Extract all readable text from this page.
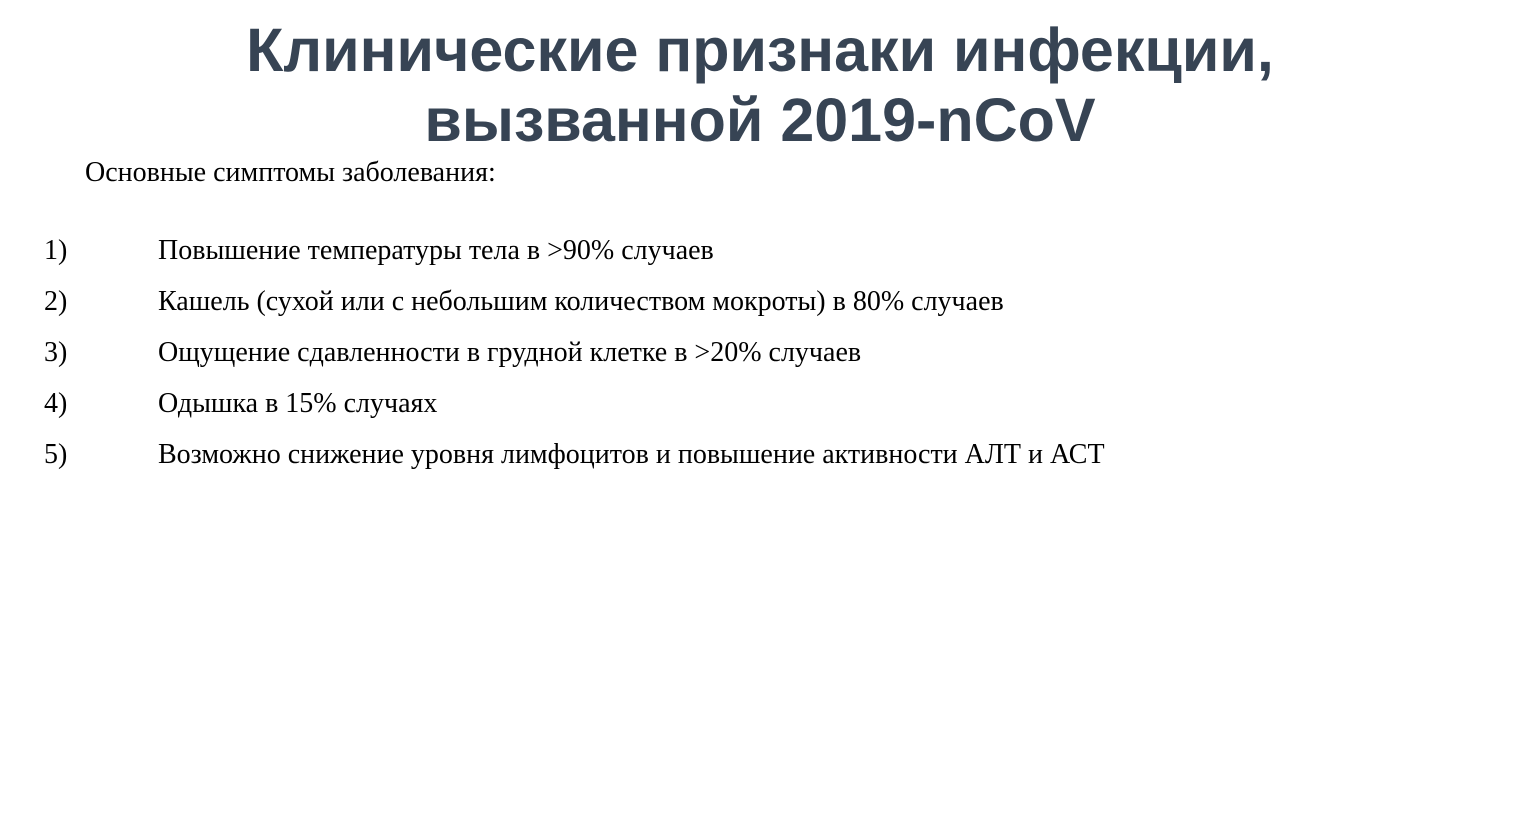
Клинические признаки инфекции,
вызванной 2019-nCoV

Основные симптомы заболевания:

1)	Повышение температуры тела в >90% случаев
2)	Кашель (сухой или с небольшим количеством мокроты) в 80% случаев
3)	Ощущение сдавленности в грудной клетке в >20% случаев
4)	Одышка в 15% случаях
5)	Возможно снижение уровня лимфоцитов и повышение активности АЛТ и АСТ
